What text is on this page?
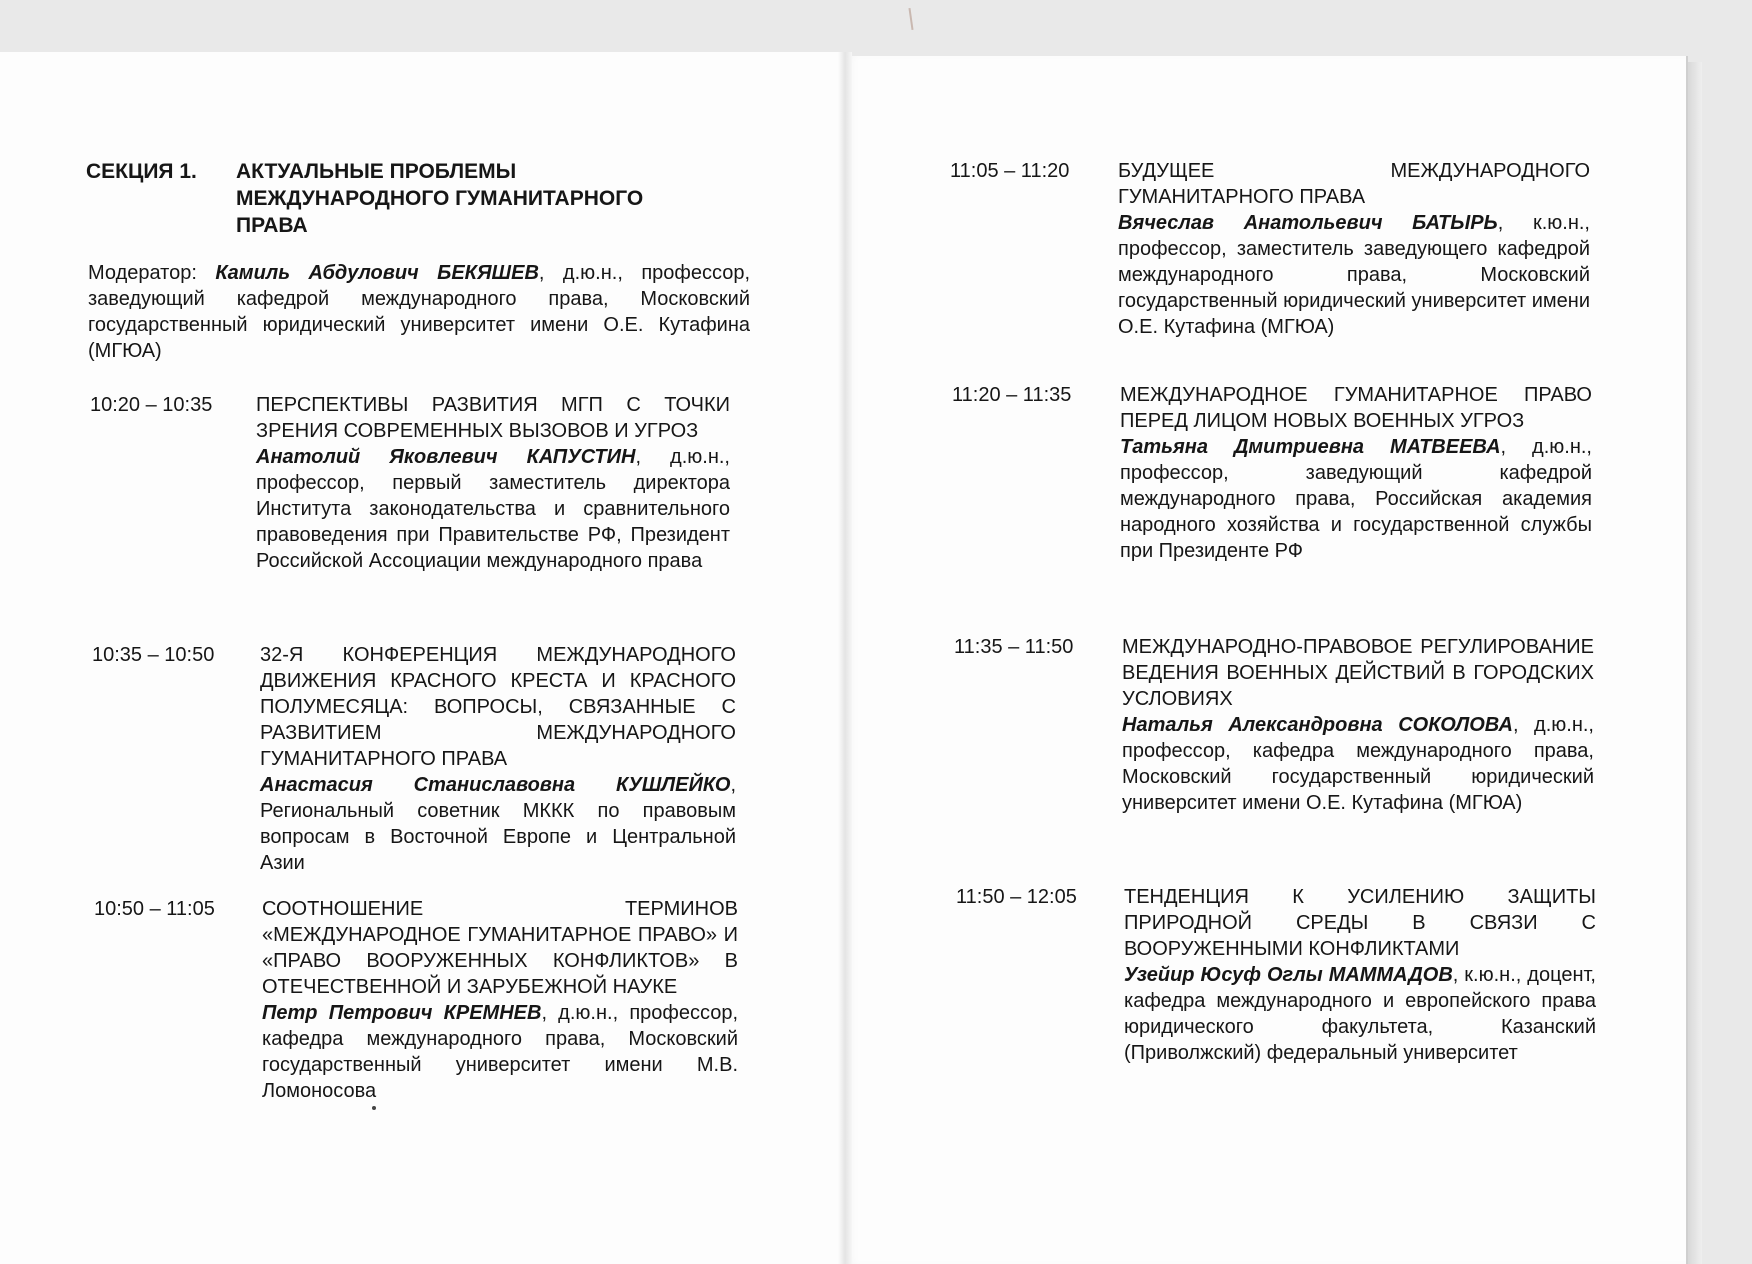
СЕКЦИЯ 1.	АКТУАЛЬНЫЕ ПРОБЛЕМЫ МЕЖДУНАРОДНОГО ГУМАНИТАРНОГО ПРАВА
Модератор: Камиль Абдулович БЕКЯШЕВ, д.ю.н., профессор, заведующий кафедрой международного права, Московский государственный юридический университет имени О.Е. Кутафина (МГЮА)
10:20 – 10:35	ПЕРСПЕКТИВЫ РАЗВИТИЯ МГП С ТОЧКИ ЗРЕНИЯ СОВРЕМЕННЫХ ВЫЗОВОВ И УГРОЗ
Анатолий Яковлевич КАПУСТИН, д.ю.н., профессор, первый заместитель директора Института законодательства и сравнительного правоведения при Правительстве РФ, Президент Российской Ассоциации международного права
10:35 – 10:50	32-Я КОНФЕРЕНЦИЯ МЕЖДУНАРОДНОГО ДВИЖЕНИЯ КРАСНОГО КРЕСТА И КРАСНОГО ПОЛУМЕСЯЦА: ВОПРОСЫ, СВЯЗАННЫЕ С РАЗВИТИЕМ МЕЖДУНАРОДНОГО ГУМАНИТАРНОГО ПРАВА
Анастасия Станиславовна КУШЛЕЙКО, Региональный советник МККК по правовым вопросам в Восточной Европе и Центральной Азии
10:50 – 11:05	СООТНОШЕНИЕ ТЕРМИНОВ «МЕЖДУНАРОДНОЕ ГУМАНИТАРНОЕ ПРАВО» И «ПРАВО ВООРУЖЕННЫХ КОНФЛИКТОВ» В ОТЕЧЕСТВЕННОЙ И ЗАРУБЕЖНОЙ НАУКЕ
Петр Петрович КРЕМНЕВ, д.ю.н., профессор, кафедра международного права, Московский государственный университет имени М.В. Ломоносова
11:05 – 11:20	БУДУЩЕЕ МЕЖДУНАРОДНОГО ГУМАНИТАРНОГО ПРАВА
Вячеслав Анатольевич БАТЫРЬ, к.ю.н., профессор, заместитель заведующего кафедрой международного права, Московский государственный юридический университет имени О.Е. Кутафина (МГЮА)
11:20 – 11:35	МЕЖДУНАРОДНОЕ ГУМАНИТАРНОЕ ПРАВО ПЕРЕД ЛИЦОМ НОВЫХ ВОЕННЫХ УГРОЗ
Татьяна Дмитриевна МАТВЕЕВА, д.ю.н., профессор, заведующий кафедрой международного права, Российская академия народного хозяйства и государственной службы при Президенте РФ
11:35 – 11:50	МЕЖДУНАРОДНО-ПРАВОВОЕ РЕГУЛИРОВАНИЕ ВЕДЕНИЯ ВОЕННЫХ ДЕЙСТВИЙ В ГОРОДСКИХ УСЛОВИЯХ
Наталья Александровна СОКОЛОВА, д.ю.н., профессор, кафедра международного права, Московский государственный юридический университет имени О.Е. Кутафина (МГЮА)
11:50 – 12:05	ТЕНДЕНЦИЯ К УСИЛЕНИЮ ЗАЩИТЫ ПРИРОДНОЙ СРЕДЫ В СВЯЗИ С ВООРУЖЕННЫМИ КОНФЛИКТАМИ
Узейир Юсуф Оглы МАММАДОВ, к.ю.н., доцент, кафедра международного и европейского права юридического факультета, Казанский (Приволжский) федеральный университет
